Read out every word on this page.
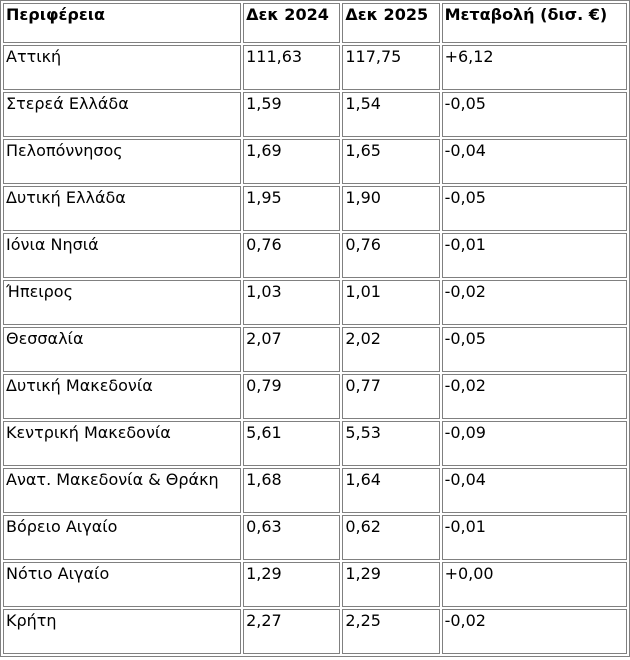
Περιφέρεια	Δεκ 2024	Δεκ 2025	Μεταβολή (δισ. €)
Αττική	111,63	117,75	+6,12
Στερεά Ελλάδα	1,59	1,54	-0,05
Πελοπόννησος	1,69	1,65	-0,04
Δυτική Ελλάδα	1,95	1,90	-0,05
Ιόνια Νησιά	0,76	0,76	-0,01
Ήπειρος	1,03	1,01	-0,02
Θεσσαλία	2,07	2,02	-0,05
Δυτική Μακεδονία	0,79	0,77	-0,02
Κεντρική Μακεδονία	5,61	5,53	-0,09
Ανατ. Μακεδονία & Θράκη	1,68	1,64	-0,04
Βόρειο Αιγαίο	0,63	0,62	-0,01
Νότιο Αιγαίο	1,29	1,29	+0,00
Κρήτη	2,27	2,25	-0,02
